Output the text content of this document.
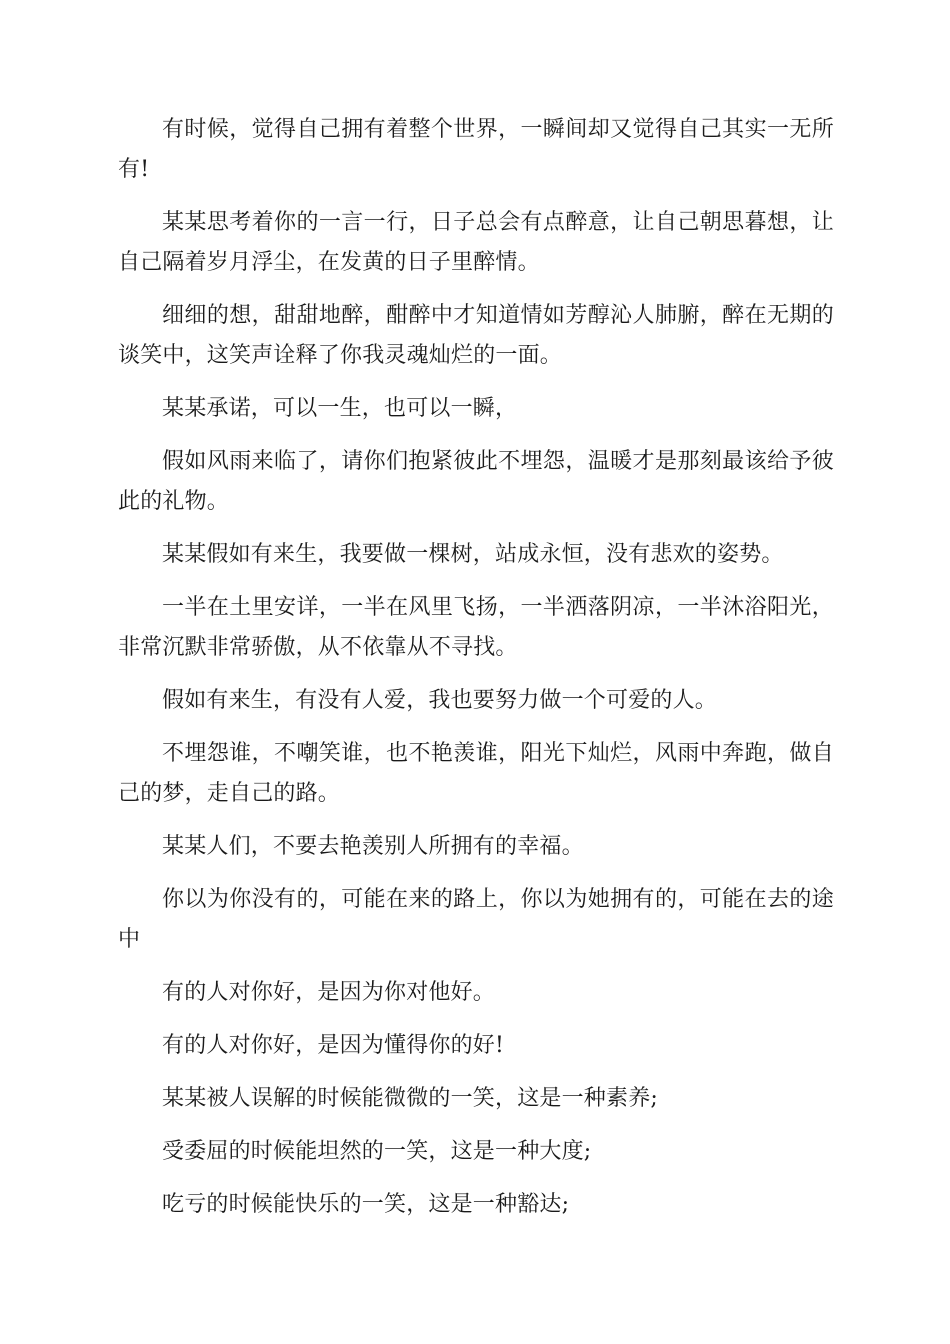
有时候，觉得自己拥有着整个世界，一瞬间却又觉得自己其实一无所有!

某某思考着你的一言一行，日子总会有点醉意，让自己朝思暮想，让自己隔着岁月浮尘，在发黄的日子里醉情。

细细的想，甜甜地醉，酣醉中才知道情如芳醇沁人肺腑，醉在无期的谈笑中，这笑声诠释了你我灵魂灿烂的一面。

某某承诺，可以一生，也可以一瞬，

假如风雨来临了，请你们抱紧彼此不埋怨，温暖才是那刻最该给予彼此的礼物。

某某假如有来生，我要做一棵树，站成永恒，没有悲欢的姿势。

一半在土里安详，一半在风里飞扬，一半洒落阴凉，一半沐浴阳光，非常沉默非常骄傲，从不依靠从不寻找。

假如有来生，有没有人爱，我也要努力做一个可爱的人。

不埋怨谁，不嘲笑谁，也不艳羡谁，阳光下灿烂，风雨中奔跑，做自己的梦，走自己的路。

某某人们，不要去艳羡别人所拥有的幸福。

你以为你没有的，可能在来的路上，你以为她拥有的，可能在去的途中

有的人对你好，是因为你对他好。

有的人对你好，是因为懂得你的好!

某某被人误解的时候能微微的一笑，这是一种素养;

受委屈的时候能坦然的一笑，这是一种大度;

吃亏的时候能快乐的一笑，这是一种豁达;
